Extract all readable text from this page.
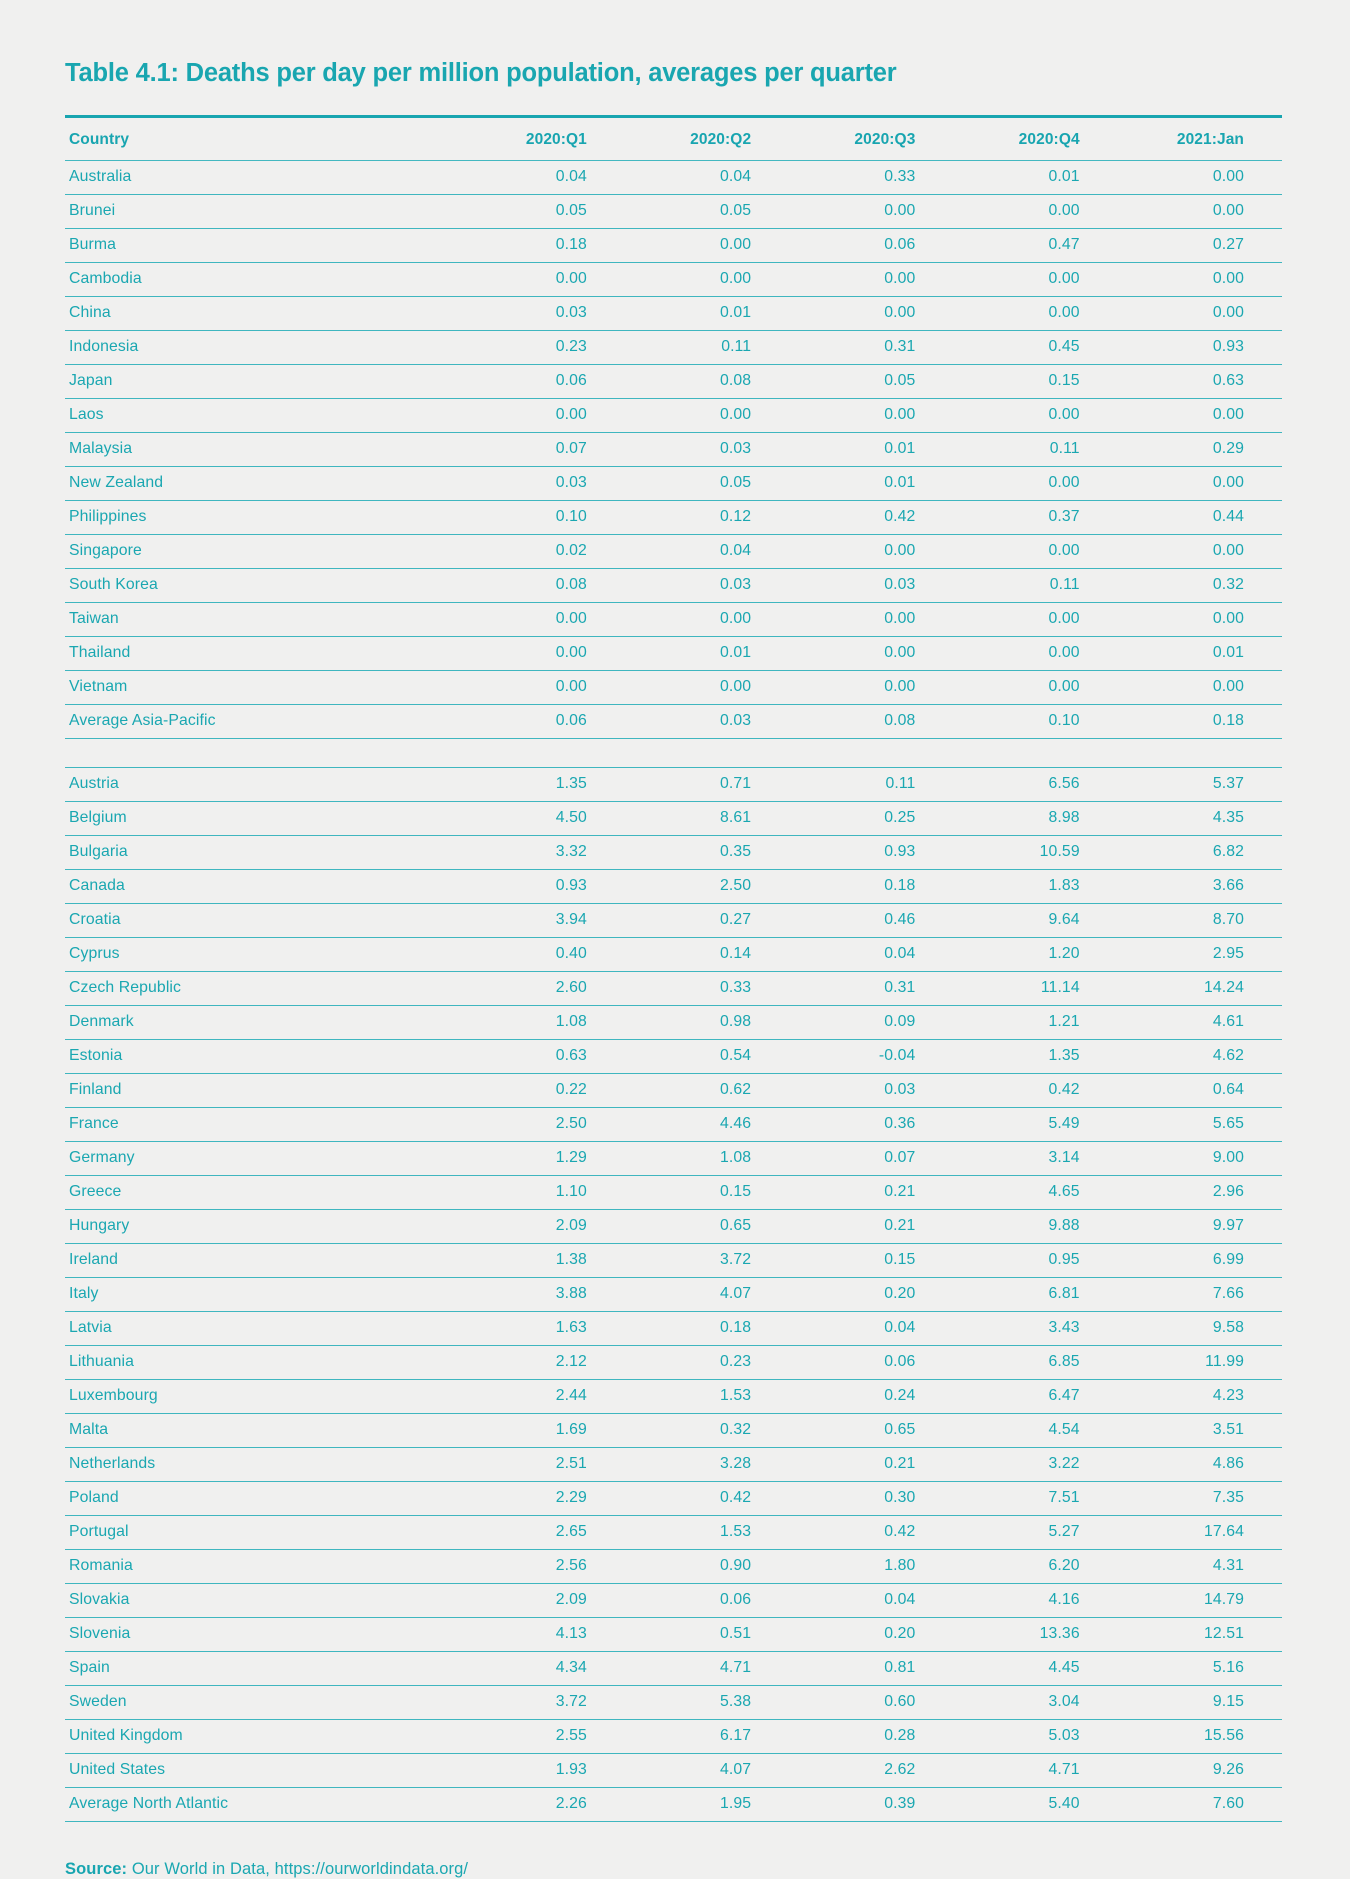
Table 4.1: Deaths per day per million population, averages per quarter

Country	2020:Q1	2020:Q2	2020:Q3	2020:Q4	2021:Jan
Australia	0.04	0.04	0.33	0.01	0.00
Brunei	0.05	0.05	0.00	0.00	0.00
Burma	0.18	0.00	0.06	0.47	0.27
Cambodia	0.00	0.00	0.00	0.00	0.00
China	0.03	0.01	0.00	0.00	0.00
Indonesia	0.23	0.11	0.31	0.45	0.93
Japan	0.06	0.08	0.05	0.15	0.63
Laos	0.00	0.00	0.00	0.00	0.00
Malaysia	0.07	0.03	0.01	0.11	0.29
New Zealand	0.03	0.05	0.01	0.00	0.00
Philippines	0.10	0.12	0.42	0.37	0.44
Singapore	0.02	0.04	0.00	0.00	0.00
South Korea	0.08	0.03	0.03	0.11	0.32
Taiwan	0.00	0.00	0.00	0.00	0.00
Thailand	0.00	0.01	0.00	0.00	0.01
Vietnam	0.00	0.00	0.00	0.00	0.00
Average Asia-Pacific	0.06	0.03	0.08	0.10	0.18

Austria	1.35	0.71	0.11	6.56	5.37
Belgium	4.50	8.61	0.25	8.98	4.35
Bulgaria	3.32	0.35	0.93	10.59	6.82
Canada	0.93	2.50	0.18	1.83	3.66
Croatia	3.94	0.27	0.46	9.64	8.70
Cyprus	0.40	0.14	0.04	1.20	2.95
Czech Republic	2.60	0.33	0.31	11.14	14.24
Denmark	1.08	0.98	0.09	1.21	4.61
Estonia	0.63	0.54	-0.04	1.35	4.62
Finland	0.22	0.62	0.03	0.42	0.64
France	2.50	4.46	0.36	5.49	5.65
Germany	1.29	1.08	0.07	3.14	9.00
Greece	1.10	0.15	0.21	4.65	2.96
Hungary	2.09	0.65	0.21	9.88	9.97
Ireland	1.38	3.72	0.15	0.95	6.99
Italy	3.88	4.07	0.20	6.81	7.66
Latvia	1.63	0.18	0.04	3.43	9.58
Lithuania	2.12	0.23	0.06	6.85	11.99
Luxembourg	2.44	1.53	0.24	6.47	4.23
Malta	1.69	0.32	0.65	4.54	3.51
Netherlands	2.51	3.28	0.21	3.22	4.86
Poland	2.29	0.42	0.30	7.51	7.35
Portugal	2.65	1.53	0.42	5.27	17.64
Romania	2.56	0.90	1.80	6.20	4.31
Slovakia	2.09	0.06	0.04	4.16	14.79
Slovenia	4.13	0.51	0.20	13.36	12.51
Spain	4.34	4.71	0.81	4.45	5.16
Sweden	3.72	5.38	0.60	3.04	9.15
United Kingdom	2.55	6.17	0.28	5.03	15.56
United States	1.93	4.07	2.62	4.71	9.26
Average North Atlantic	2.26	1.95	0.39	5.40	7.60
Source: Our World in Data, https://ourworldindata.org/
